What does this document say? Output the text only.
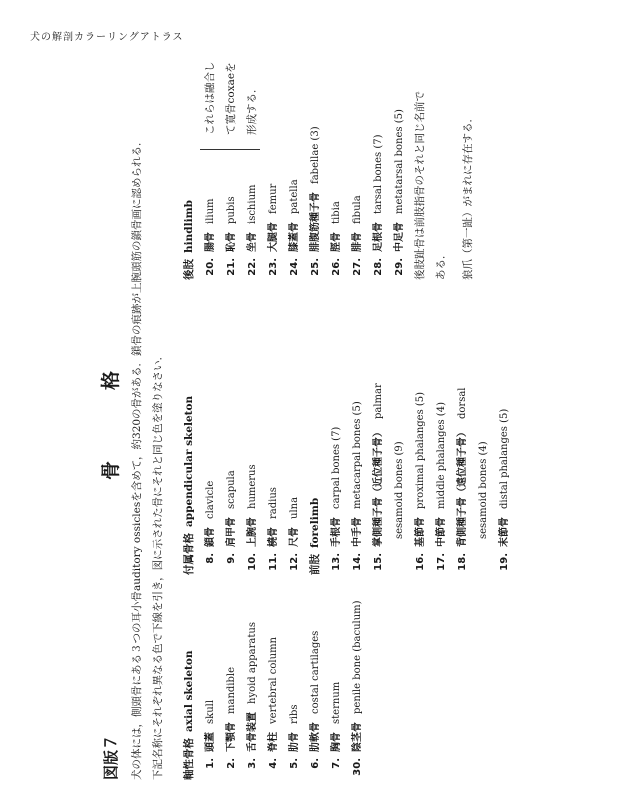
犬の解剖カラーリングアトラス
図版７
骨　格 犬の体には，側頭骨にある３つの耳小骨auditory ossiclesを含めて，約320の骨がある．鎖骨の痕跡が上腕頭筋の鎖骨画に認められる． 下記名称にそれぞれ異なる色で下線を引き，図に示された骨にそれと同じ色を塗りなさい．	軸性骨格axial skeleton
1.頭蓋skull
2.下顎骨mandible
3.舌骨装置hyoid apparatus
4.脊柱vertebral column
5.肋骨ribs
6.肋軟骨costal cartilages
7.胸骨sternum
30.陰茎骨penile bone (baculum)
付属骨格appendicular skeleton
8.鎖骨clavicle
9.肩甲骨scapula
10.上腕骨humerus
11.橈骨radius
12.尺骨ulna
前肢forelimb
13.手根骨carpal bones (7)
14.中手骨metacarpal bones (5)
15.掌側種子骨（近位種子骨）palmar
sesamoid bones (9)
16.基節骨proximal phalanges (5)
17.中節骨middle phalanges (4)
18.背側種子骨（遠位種子骨）dorsal
sesamoid bones (4)
19.末節骨distal phalanges (5)
後肢hindlimb
20.腸骨ilium
21.恥骨pubis
22.坐骨ischium
23.大腿骨femur
24.膝蓋骨patella
25.腓腹筋種子骨fabellae (3)
26.脛骨tibia
27.腓骨fibula
28.足根骨tarsal bones (7)
29.中足骨metatarsal bones (5)
これらは融合し て寛骨coxaeを 形成する．	後肢趾骨は前肢指骨のそれと同じ名前で ある．	狼爪（第一趾）がまれに存在する．
